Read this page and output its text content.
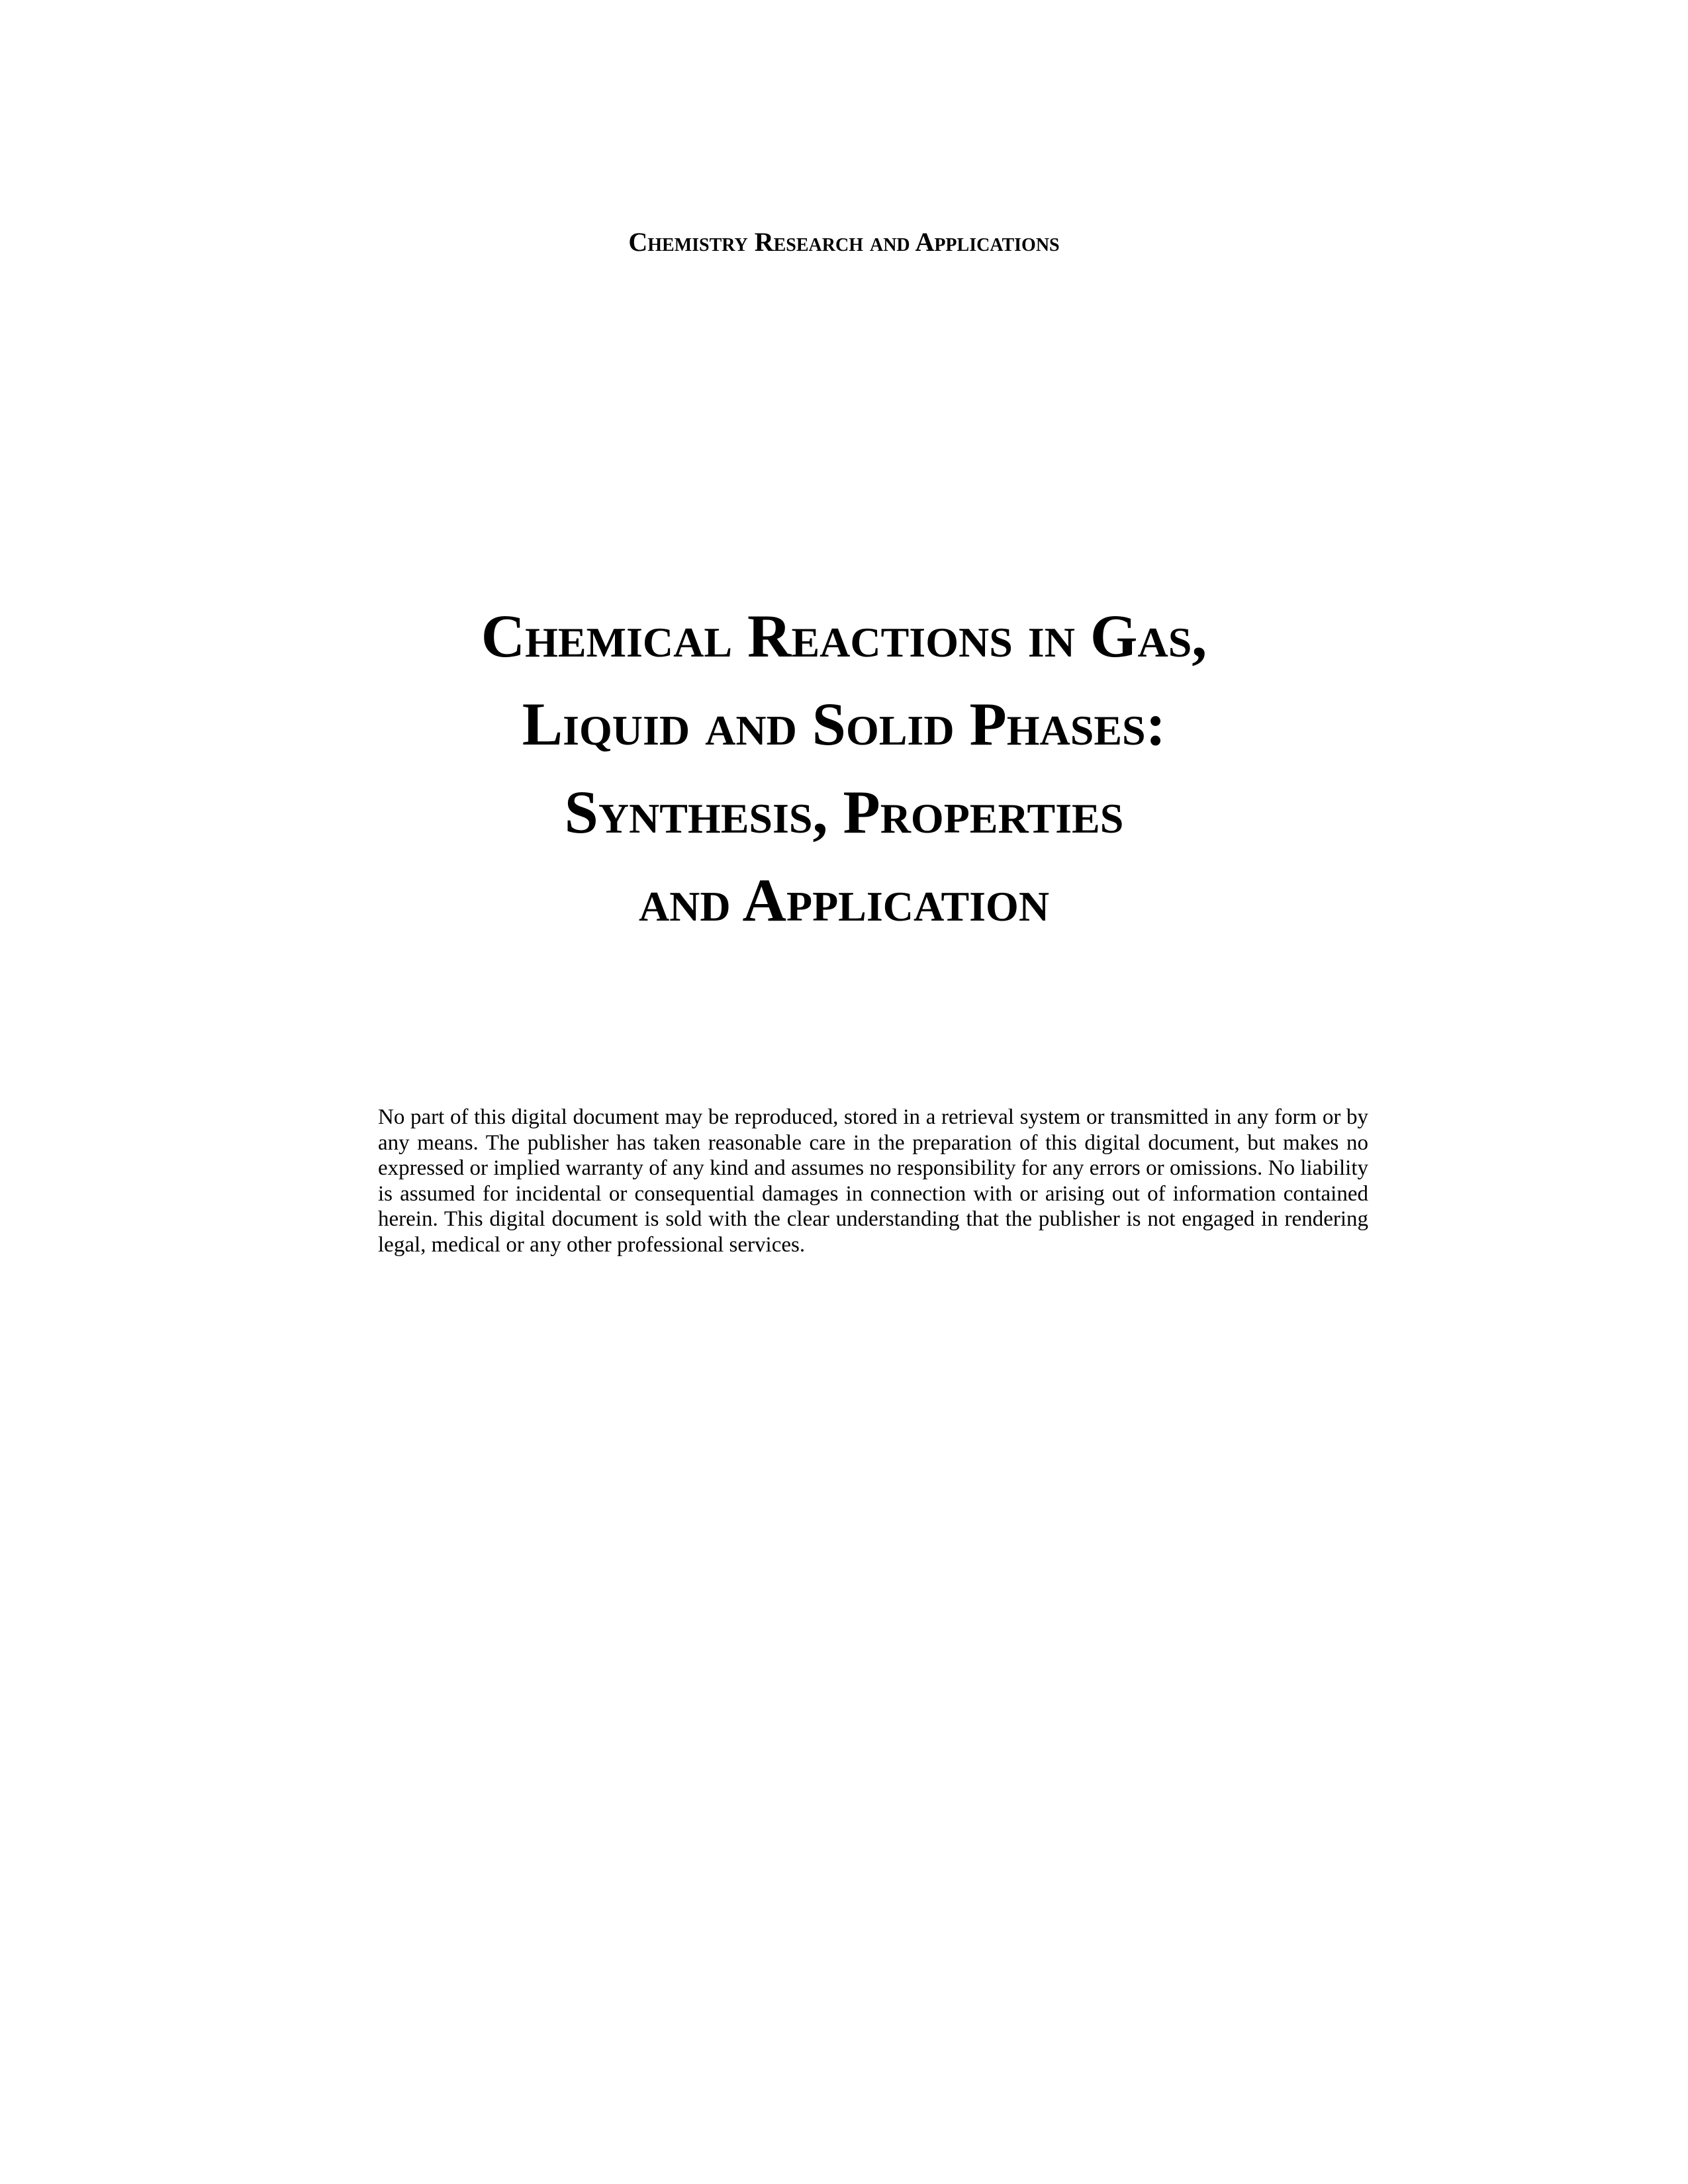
Chemistry Research and Applications
Chemical Reactions in Gas,
Liquid and Solid Phases:
Synthesis, Properties
and Application

No part of this digital document may be reproduced, stored in a retrieval system or transmitted in any form or by any means. The publisher has taken reasonable care in the preparation of this digital document, but makes no expressed or implied warranty of any kind and assumes no responsibility for any errors or omissions. No liability is assumed for incidental or consequential damages in connection with or arising out of information contained herein. This digital document is sold with the clear understanding that the publisher is not engaged in rendering legal, medical or any other professional services.
